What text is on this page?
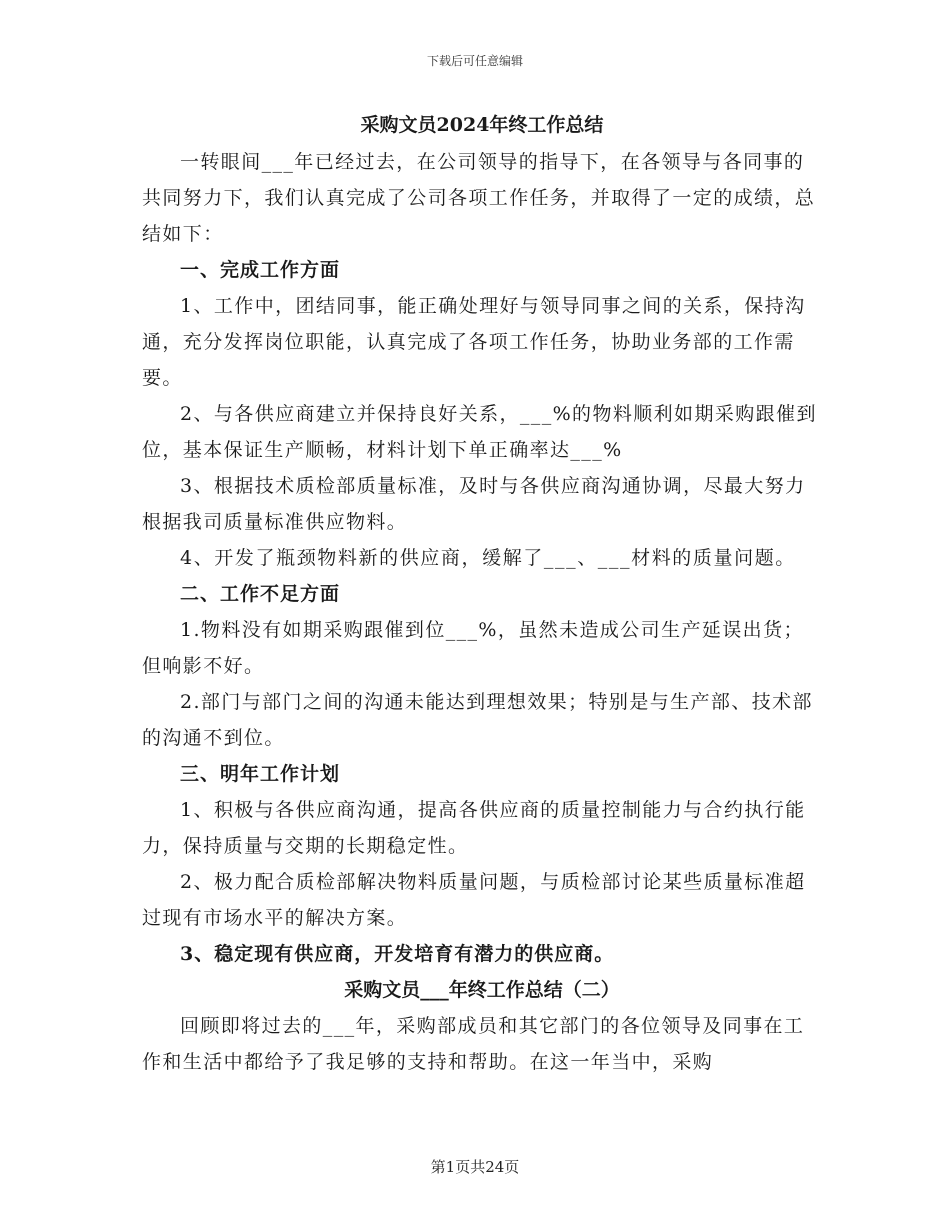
下载后可任意编辑
采购文员2024年终工作总结

一转眼间___年已经过去，在公司领导的指导下，在各领导与各同事的共同努力下，我们认真完成了公司各项工作任务，并取得了一定的成绩，总结如下：

一、完成工作方面

1、工作中，团结同事，能正确处理好与领导同事之间的关系，保持沟通，充分发挥岗位职能，认真完成了各项工作任务，协助业务部的工作需要。

2、与各供应商建立并保持良好关系，___%的物料顺利如期采购跟催到位，基本保证生产顺畅，材料计划下单正确率达___%

3、根据技术质检部质量标准，及时与各供应商沟通协调，尽最大努力根据我司质量标准供应物料。

4、开发了瓶颈物料新的供应商，缓解了___、___材料的质量问题。

二、工作不足方面

1.物料没有如期采购跟催到位___%，虽然未造成公司生产延误出货；但响影不好。

2.部门与部门之间的沟通未能达到理想效果；特别是与生产部、技术部的沟通不到位。

三、明年工作计划

1、积极与各供应商沟通，提高各供应商的质量控制能力与合约执行能力，保持质量与交期的长期稳定性。

2、极力配合质检部解决物料质量问题，与质检部讨论某些质量标准超过现有市场水平的解决方案。

3、稳定现有供应商，开发培育有潜力的供应商。

采购文员___年终工作总结（二）

回顾即将过去的___年，采购部成员和其它部门的各位领导及同事在工作和生活中都给予了我足够的支持和帮助。在这一年当中，采购

第1页共24页
